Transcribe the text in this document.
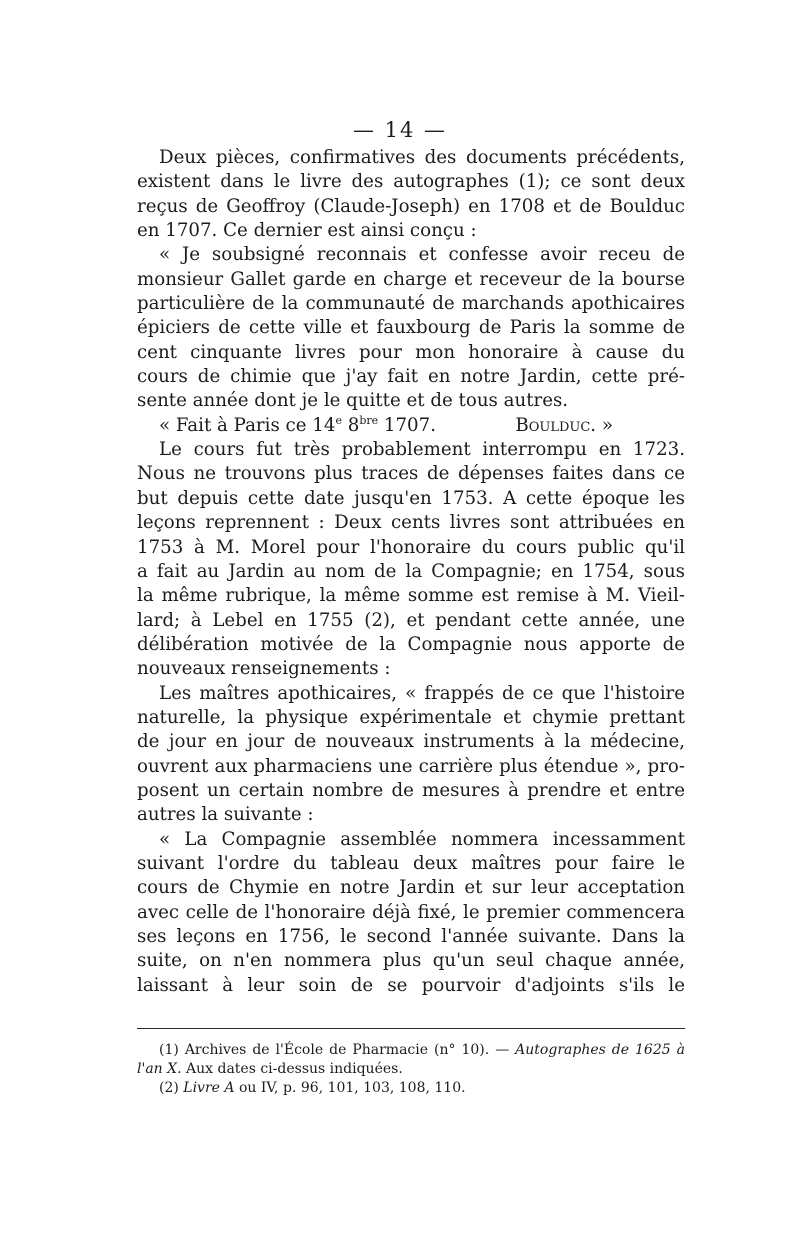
— 14 —
Deux pièces, confirmatives des documents précédents,
existent dans le livre des autographes (1); ce sont deux
reçus de Geoffroy (Claude-Joseph) en 1708 et de Boulduc
en 1707. Ce dernier est ainsi conçu :
« Je soubsigné reconnais et confesse avoir receu de
monsieur Gallet garde en charge et receveur de la bourse
particulière de la communauté de marchands apothicaires
épiciers de cette ville et fauxbourg de Paris la somme de
cent cinquante livres pour mon honoraire à cause du
cours de chimie que j'ay fait en notre Jardin, cette pré-
sente année dont je le quitte et de tous autres.
« Fait à Paris ce 14e $8^{bre}$ 1707.	Boulduc. »
Le cours fut très probablement interrompu en 1723.
Nous ne trouvons plus traces de dépenses faites dans ce
but depuis cette date jusqu'en 1753. A cette époque les
leçons reprennent : Deux cents livres sont attribuées en
1753 à M. Morel pour l'honoraire du cours public qu'il
a fait au Jardin au nom de la Compagnie; en 1754, sous
la même rubrique, la même somme est remise à M. Vieil-
lard; à Lebel en 1755 (2), et pendant cette année, une
délibération motivée de la Compagnie nous apporte de
nouveaux renseignements :
Les maîtres apothicaires, « frappés de ce que l'histoire
naturelle, la physique expérimentale et chymie prettant
de jour en jour de nouveaux instruments à la médecine,
ouvrent aux pharmaciens une carrière plus étendue », pro-
posent un certain nombre de mesures à prendre et entre
autres la suivante :
« La Compagnie assemblée nommera incessamment
suivant l'ordre du tableau deux maîtres pour faire le
cours de Chymie en notre Jardin et sur leur acceptation
avec celle de l'honoraire déjà fixé, le premier commencera
ses leçons en 1756, le second l'année suivante. Dans la
suite, on n'en nommera plus qu'un seul chaque année,
laissant à leur soin de se pourvoir d'adjoints s'ils le
(1) Archives de l'École de Pharmacie (n° 10). — Autographes de 1625 à
l'an X. Aux dates ci-dessus indiquées.
(2) Livre A ou IV, p. 96, 101, 103, 108, 110.
